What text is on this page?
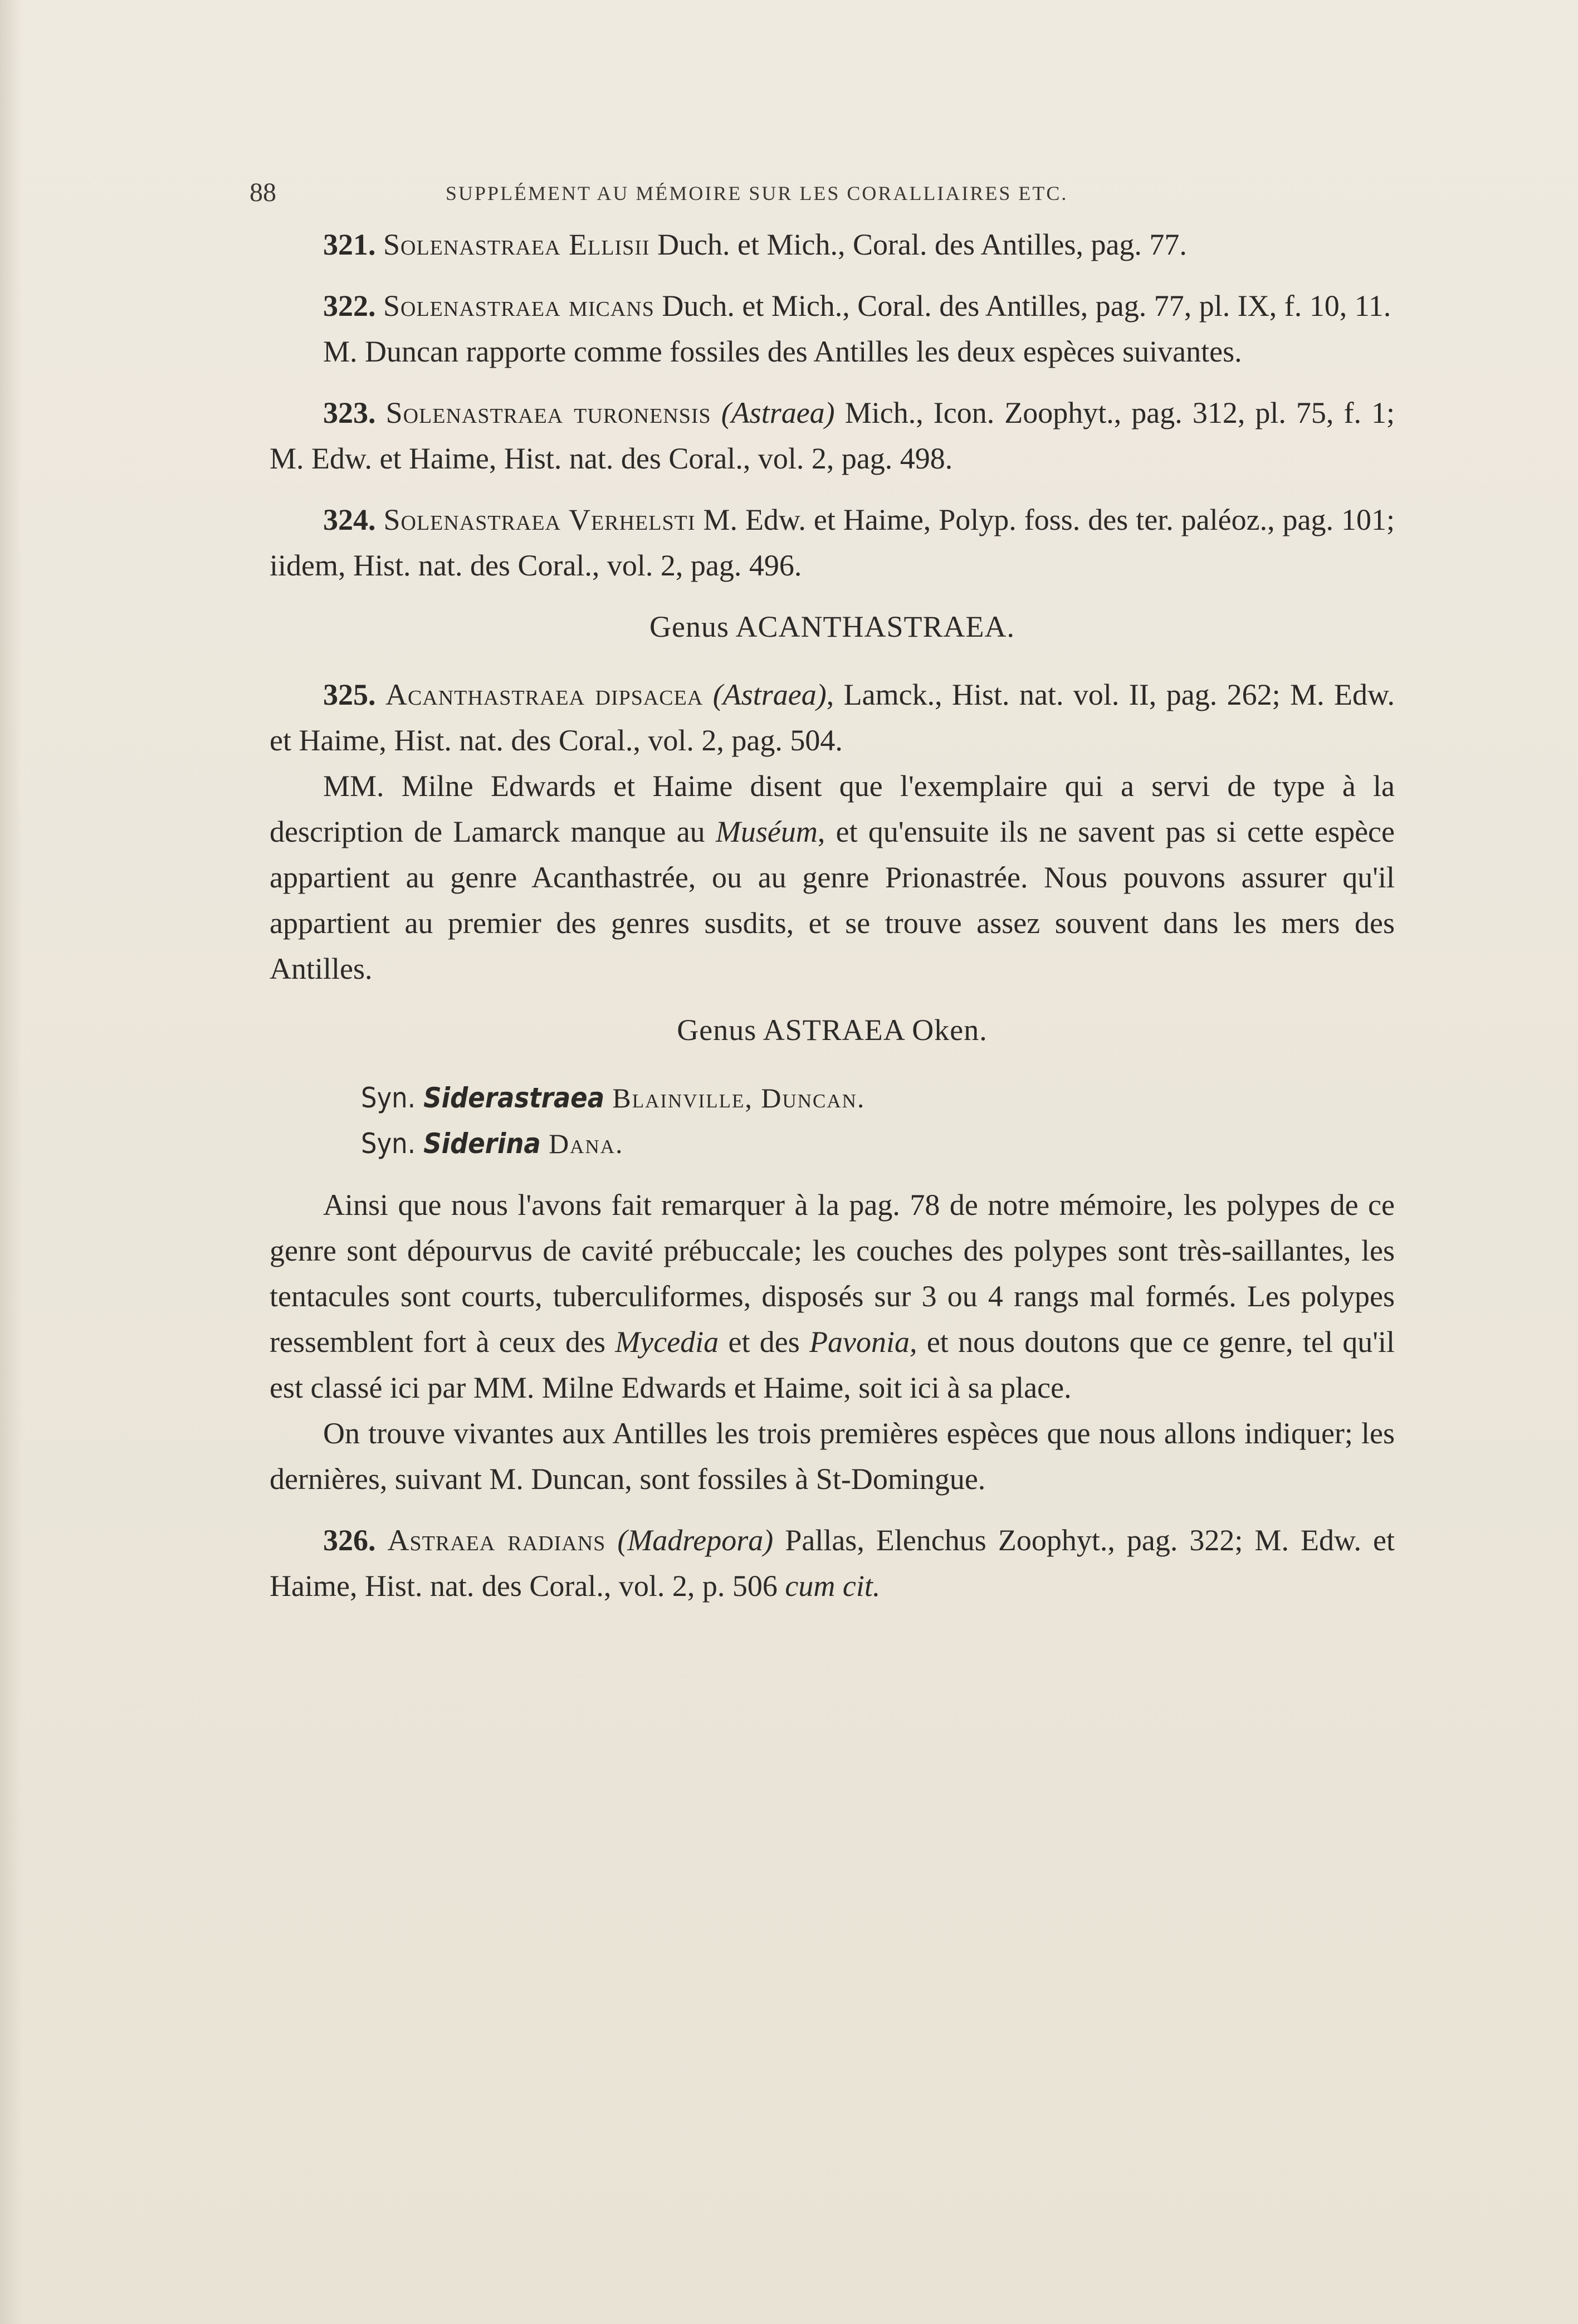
88	SUPPLÉMENT AU MÉMOIRE SUR LES CORALLIAIRES ETC.

321. Solenastraea Ellisii Duch. et Mich., Coral. des Antilles, pag. 77.

322. Solenastraea micans Duch. et Mich., Coral. des Antilles, pag. 77, pl. IX, f. 10, 11.

M. Duncan rapporte comme fossiles des Antilles les deux espèces suivantes.

323. Solenastraea turonensis (Astraea) Mich., Icon. Zoophyt., pag. 312, pl. 75, f. 1; M. Edw. et Haime, Hist. nat. des Coral., vol. 2, pag. 498.

324. Solenastraea Verhelsti M. Edw. et Haime, Polyp. foss. des ter. paléoz., pag. 101; iidem, Hist. nat. des Coral., vol. 2, pag. 496.

Genus ACANTHASTRAEA.

325. Acanthastraea dipsacea (Astraea), Lamck., Hist. nat. vol. II, pag. 262; M. Edw. et Haime, Hist. nat. des Coral., vol. 2, pag. 504.

MM. Milne Edwards et Haime disent que l'exemplaire qui a servi de type à la description de Lamarck manque au Muséum, et qu'ensuite ils ne savent pas si cette espèce appartient au genre Acanthastrée, ou au genre Prionastrée. Nous pouvons assurer qu'il appartient au premier des genres susdits, et se trouve assez souvent dans les mers des Antilles.

Genus ASTRAEA Oken.

Syn. Siderastraea Blainville, Duncan.

Syn. Siderina Dana.

Ainsi que nous l'avons fait remarquer à la pag. 78 de notre mémoire, les polypes de ce genre sont dépourvus de cavité prébuccale; les couches des polypes sont très-saillantes, les tentacules sont courts, tuberculiformes, disposés sur 3 ou 4 rangs mal formés. Les polypes ressemblent fort à ceux des Mycedia et des Pavonia, et nous doutons que ce genre, tel qu'il est classé ici par MM. Milne Edwards et Haime, soit ici à sa place.

On trouve vivantes aux Antilles les trois premières espèces que nous allons indiquer; les dernières, suivant M. Duncan, sont fossiles à St-Domingue.

326. Astraea radians (Madrepora) Pallas, Elenchus Zoophyt., pag. 322; M. Edw. et Haime, Hist. nat. des Coral., vol. 2, p. 506 cum cit.
